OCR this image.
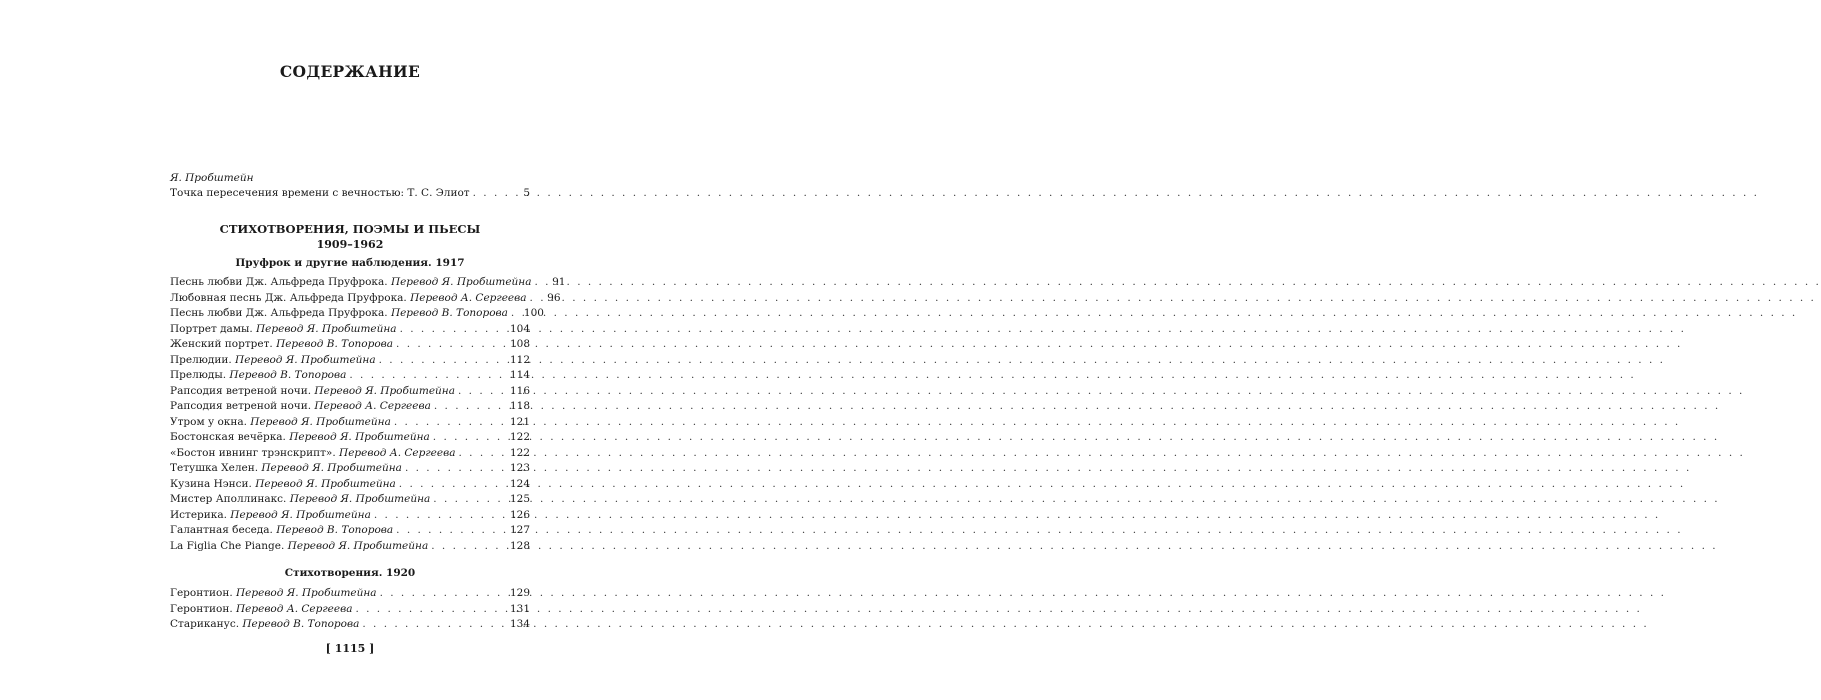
СОДЕРЖАНИЕ
Я. Пробштейн
Точка пересечения времени с вечностью: Т. С. Элиот . . .	5
СТИХОТВОРЕНИЯ, ПОЭМЫ И ПЬЕСЫ
1909–1962
Пруфрок и другие наблюдения. 1917
Песнь любви Дж. Альфреда Пруфрока. Перевод Я. Пробштейна . . .	91
Любовная песнь Дж. Альфреда Пруфрока. Перевод А. Сергеева . . .	96
Песнь любви Дж. Альфреда Пруфрока. Перевод В. Топорова . . . 100
Портрет дамы. Перевод Я. Пробштейна . . .	104
Женский портрет. Перевод В. Топорова . . .	108
Прелюдии. Перевод Я. Пробштейна . . .	112
Прелюды. Перевод В. Топорова . . .	114
Рапсодия ветреной ночи. Перевод Я. Пробштейна . . .	116
Рапсодия ветреной ночи. Перевод А. Сергеева . . .	118
Утром у окна. Перевод Я. Пробштейна . . .	121
Бостонская вечёрка. Перевод Я. Пробштейна . . .	122
«Бостон ивнинг трэнскрипт». Перевод А. Сергеева . . .	122
Тетушка Хелен. Перевод Я. Пробштейна . . .	123
Кузина Нэнси. Перевод Я. Пробштейна . . .	124
Мистер Аполлинакс. Перевод Я. Пробштейна . . .	125
Истерика. Перевод Я. Пробштейна . . .	126
Галантная беседа. Перевод В. Топорова . . .	127
La Figlia Che Piange. Перевод Я. Пробштейна . . .	128
Стихотворения. 1920
Геронтион. Перевод Я. Пробштейна . . .	129
Геронтион. Перевод А. Сергеева . . .	131
Стариканус. Перевод В. Топорова . . .	134
[ 1115 ]
